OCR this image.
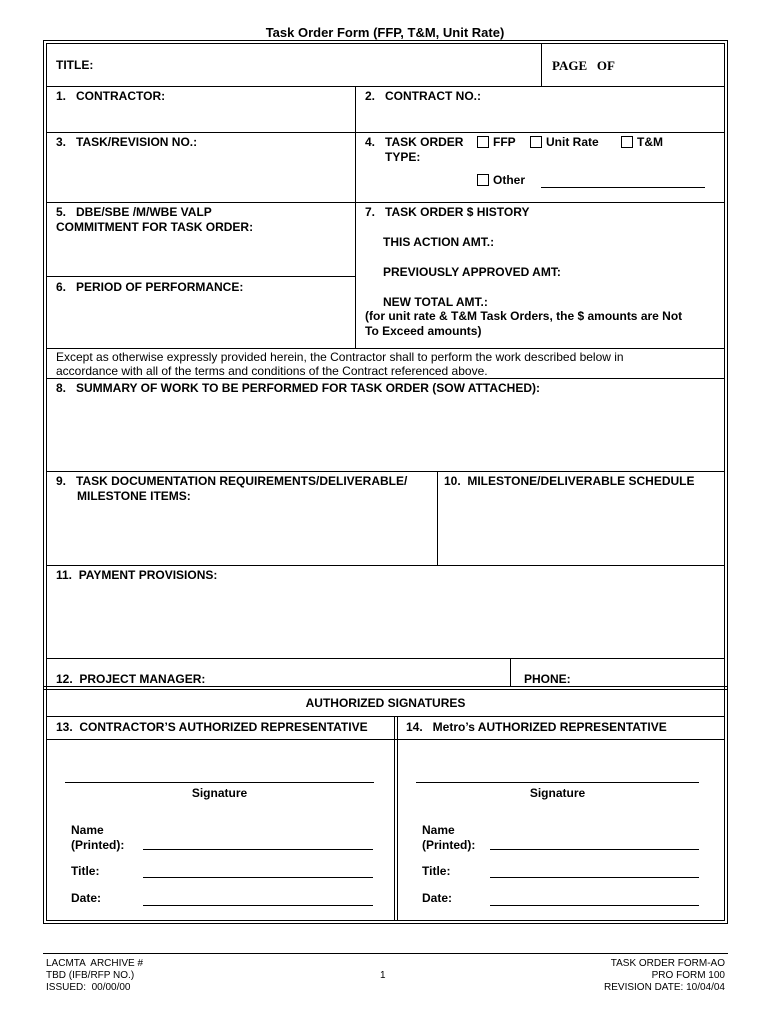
Task Order Form (FFP, T&M, Unit Rate)
TITLE:	PAGE   OF
1.   CONTRACTOR:	2.   CONTRACT NO.:
3.   TASK/REVISION NO.:	4.   TASK ORDER
TYPE:
FFP	Unit Rate	T&M
Other
5.   DBE/SBE /M/WBE VALP
COMMITMENT FOR TASK ORDER:
6.   PERIOD OF PERFORMANCE:
7.   TASK ORDER $ HISTORY
THIS ACTION AMT.:
PREVIOUSLY APPROVED AMT:
NEW TOTAL AMT.:
(for unit rate & T&M Task Orders, the $ amounts are Not
To Exceed amounts)
Except as otherwise expressly provided herein, the Contractor shall to perform the work described below in
accordance with all of the terms and conditions of the Contract referenced above.
8.   SUMMARY OF WORK TO BE PERFORMED FOR TASK ORDER (SOW ATTACHED):
9.   TASK DOCUMENTATION REQUIREMENTS/DELIVERABLE/
MILESTONE ITEMS:
10.  MILESTONE/DELIVERABLE SCHEDULE
11.  PAYMENT PROVISIONS:
12.  PROJECT MANAGER:	PHONE:
AUTHORIZED SIGNATURES
13.  CONTRACTOR’S AUTHORIZED REPRESENTATIVE	14.   Metro’s AUTHORIZED REPRESENTATIVE
Signature
Name
(Printed):
Title:
Date:
Signature
Name
(Printed):
Title:
Date:
LACMTA  ARCHIVE #
TBD (IFB/RFP NO.)
ISSUED:  00/00/00
1
TASK ORDER FORM-AO
PRO FORM 100
REVISION DATE: 10/04/04
